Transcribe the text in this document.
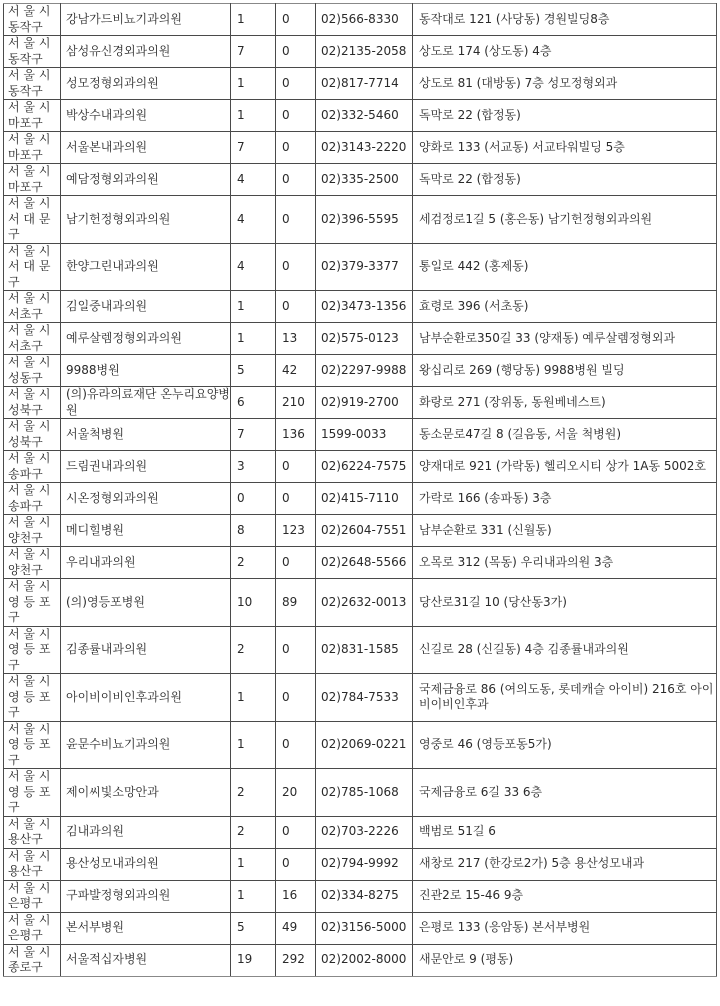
서 울 시
동작구	강남가드비뇨기과의원	1	0	02)566-8330	동작대로 121 (사당동) 경원빌딩8층

서 울 시
동작구	삼성유신경외과의원	7	0	02)2135-2058	상도로 174 (상도동) 4층

서 울 시
동작구	성모정형외과의원	1	0	02)817-7714	상도로 81 (대방동) 7층 성모정형외과

서 울 시
마포구	박상수내과의원	1	0	02)332-5460	독막로 22 (합정동)

서 울 시
마포구	서울본내과의원	7	0	02)3143-2220	양화로 133 (서교동) 서교타워빌딩 5층

서 울 시
마포구	예담정형외과의원	4	0	02)335-2500	독막로 22 (합정동)

서 울 시
서 대 문
구	남기헌정형외과의원	4	0	02)396-5595	세검정로1길 5 (홍은동) 남기헌정형외과의원

서 울 시
서 대 문
구	한양그린내과의원	4	0	02)379-3377	통일로 442 (홍제동)

서 울 시
서초구	김일중내과의원	1	0	02)3473-1356	효령로 396 (서초동)

서 울 시
서초구	예루살렘정형외과의원	1	13	02)575-0123	남부순환로350길 33 (양재동) 예루살렘정형외과

서 울 시
성동구	9988병원	5	42	02)2297-9988	왕십리로 269 (행당동) 9988병원 빌딩

서 울 시
성북구	(의)유라의료재단 온누리요양병원	6	210	02)919-2700	화랑로 271 (장위동, 동원베네스트)

서 울 시
성북구	서울척병원	7	136	1599-0033	동소문로47길 8 (길음동, 서울 척병원)

서 울 시
송파구	드림권내과의원	3	0	02)6224-7575	양재대로 921 (가락동) 헬리오시티 상가 1A동 5002호

서 울 시
송파구	시온정형외과의원	0	0	02)415-7110	가락로 166 (송파동) 3층

서 울 시
양천구	메디힐병원	8	123	02)2604-7551	남부순환로 331 (신월동)

서 울 시
양천구	우리내과의원	2	0	02)2648-5566	오목로 312 (목동) 우리내과의원 3층

서 울 시
영 등 포
구	(의)영등포병원	10	89	02)2632-0013	당산로31길 10 (당산동3가)

서 울 시
영 등 포
구	김종률내과의원	2	0	02)831-1585	신길로 28 (신길동) 4층 김종률내과의원

서 울 시
영 등 포
구	아이비이비인후과의원	1	0	02)784-7533	국제금융로 86 (여의도동, 롯데캐슬 아이비) 216호 아이비이비인후과

서 울 시
영 등 포
구	윤문수비뇨기과의원	1	0	02)2069-0221	영중로 46 (영등포동5가)

서 울 시
영 등 포
구	제이씨빛소망안과	2	20	02)785-1068	국제금융로 6길 33 6층

서 울 시
용산구	김내과의원	2	0	02)703-2226	백범로 51길 6

서 울 시
용산구	용산성모내과의원	1	0	02)794-9992	새창로 217 (한강로2가) 5층 용산성모내과

서 울 시
은평구	구파발정형외과의원	1	16	02)334-8275	진관2로 15-46 9층

서 울 시
은평구	본서부병원	5	49	02)3156-5000	은평로 133 (응암동) 본서부병원

서 울 시
종로구	서울적십자병원	19	292	02)2002-8000	새문안로 9 (평동)
